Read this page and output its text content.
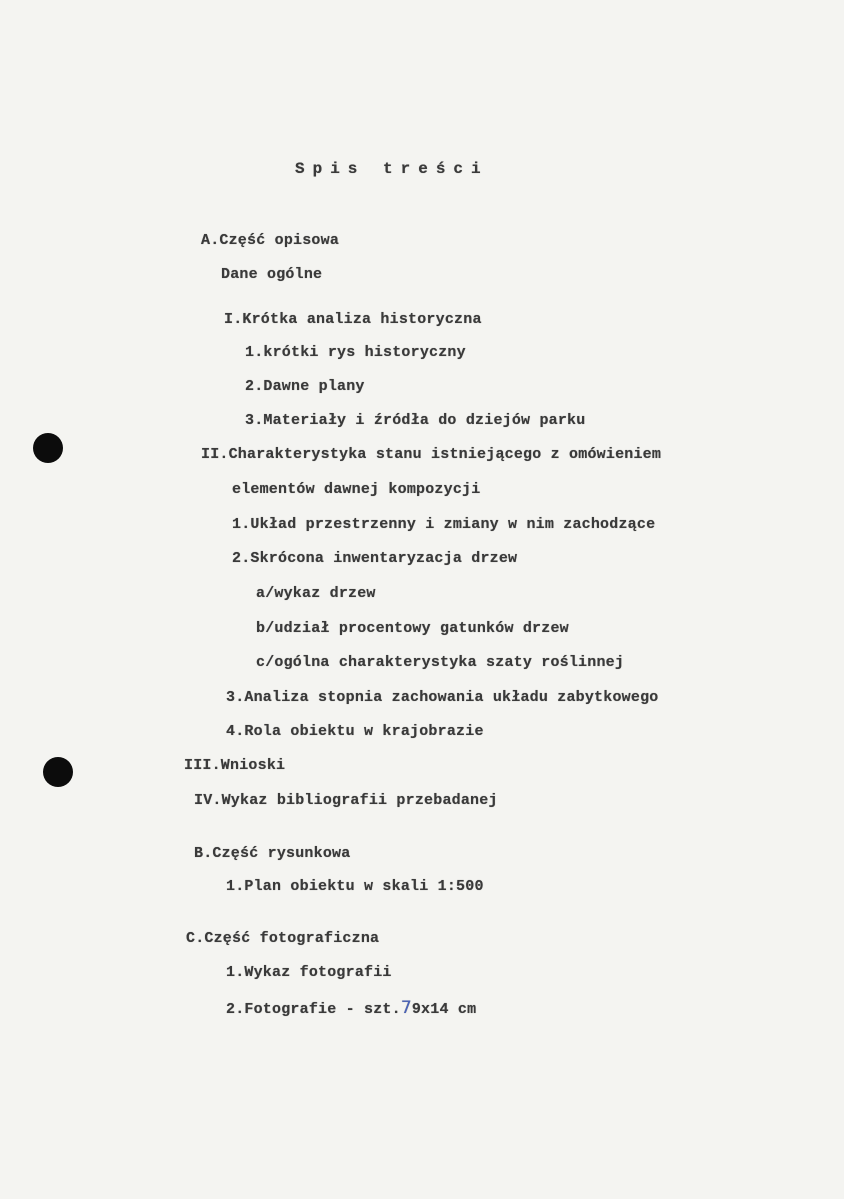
Spis treści
A.Część opisowa
Dane ogólne
I.Krótka analiza historyczna
1.krótki rys historyczny
2.Dawne plany
3.Materiały i źródła do dziejów parku
II.Charakterystyka stanu istniejącego z omówieniem
elementów dawnej kompozycji
1.Układ przestrzenny i zmiany w nim zachodzące
2.Skrócona inwentaryzacja drzew
a/wykaz drzew
b/udział procentowy gatunków drzew
c/ogólna charakterystyka szaty roślinnej
3.Analiza stopnia zachowania układu zabytkowego
4.Rola obiektu w krajobrazie
III.Wnioski
IV.Wykaz bibliografii przebadanej
B.Część rysunkowa
1.Plan obiektu w skali 1:500
C.Część fotograficzna
1.Wykaz fotografii
2.Fotografie - szt.79x14 cm
